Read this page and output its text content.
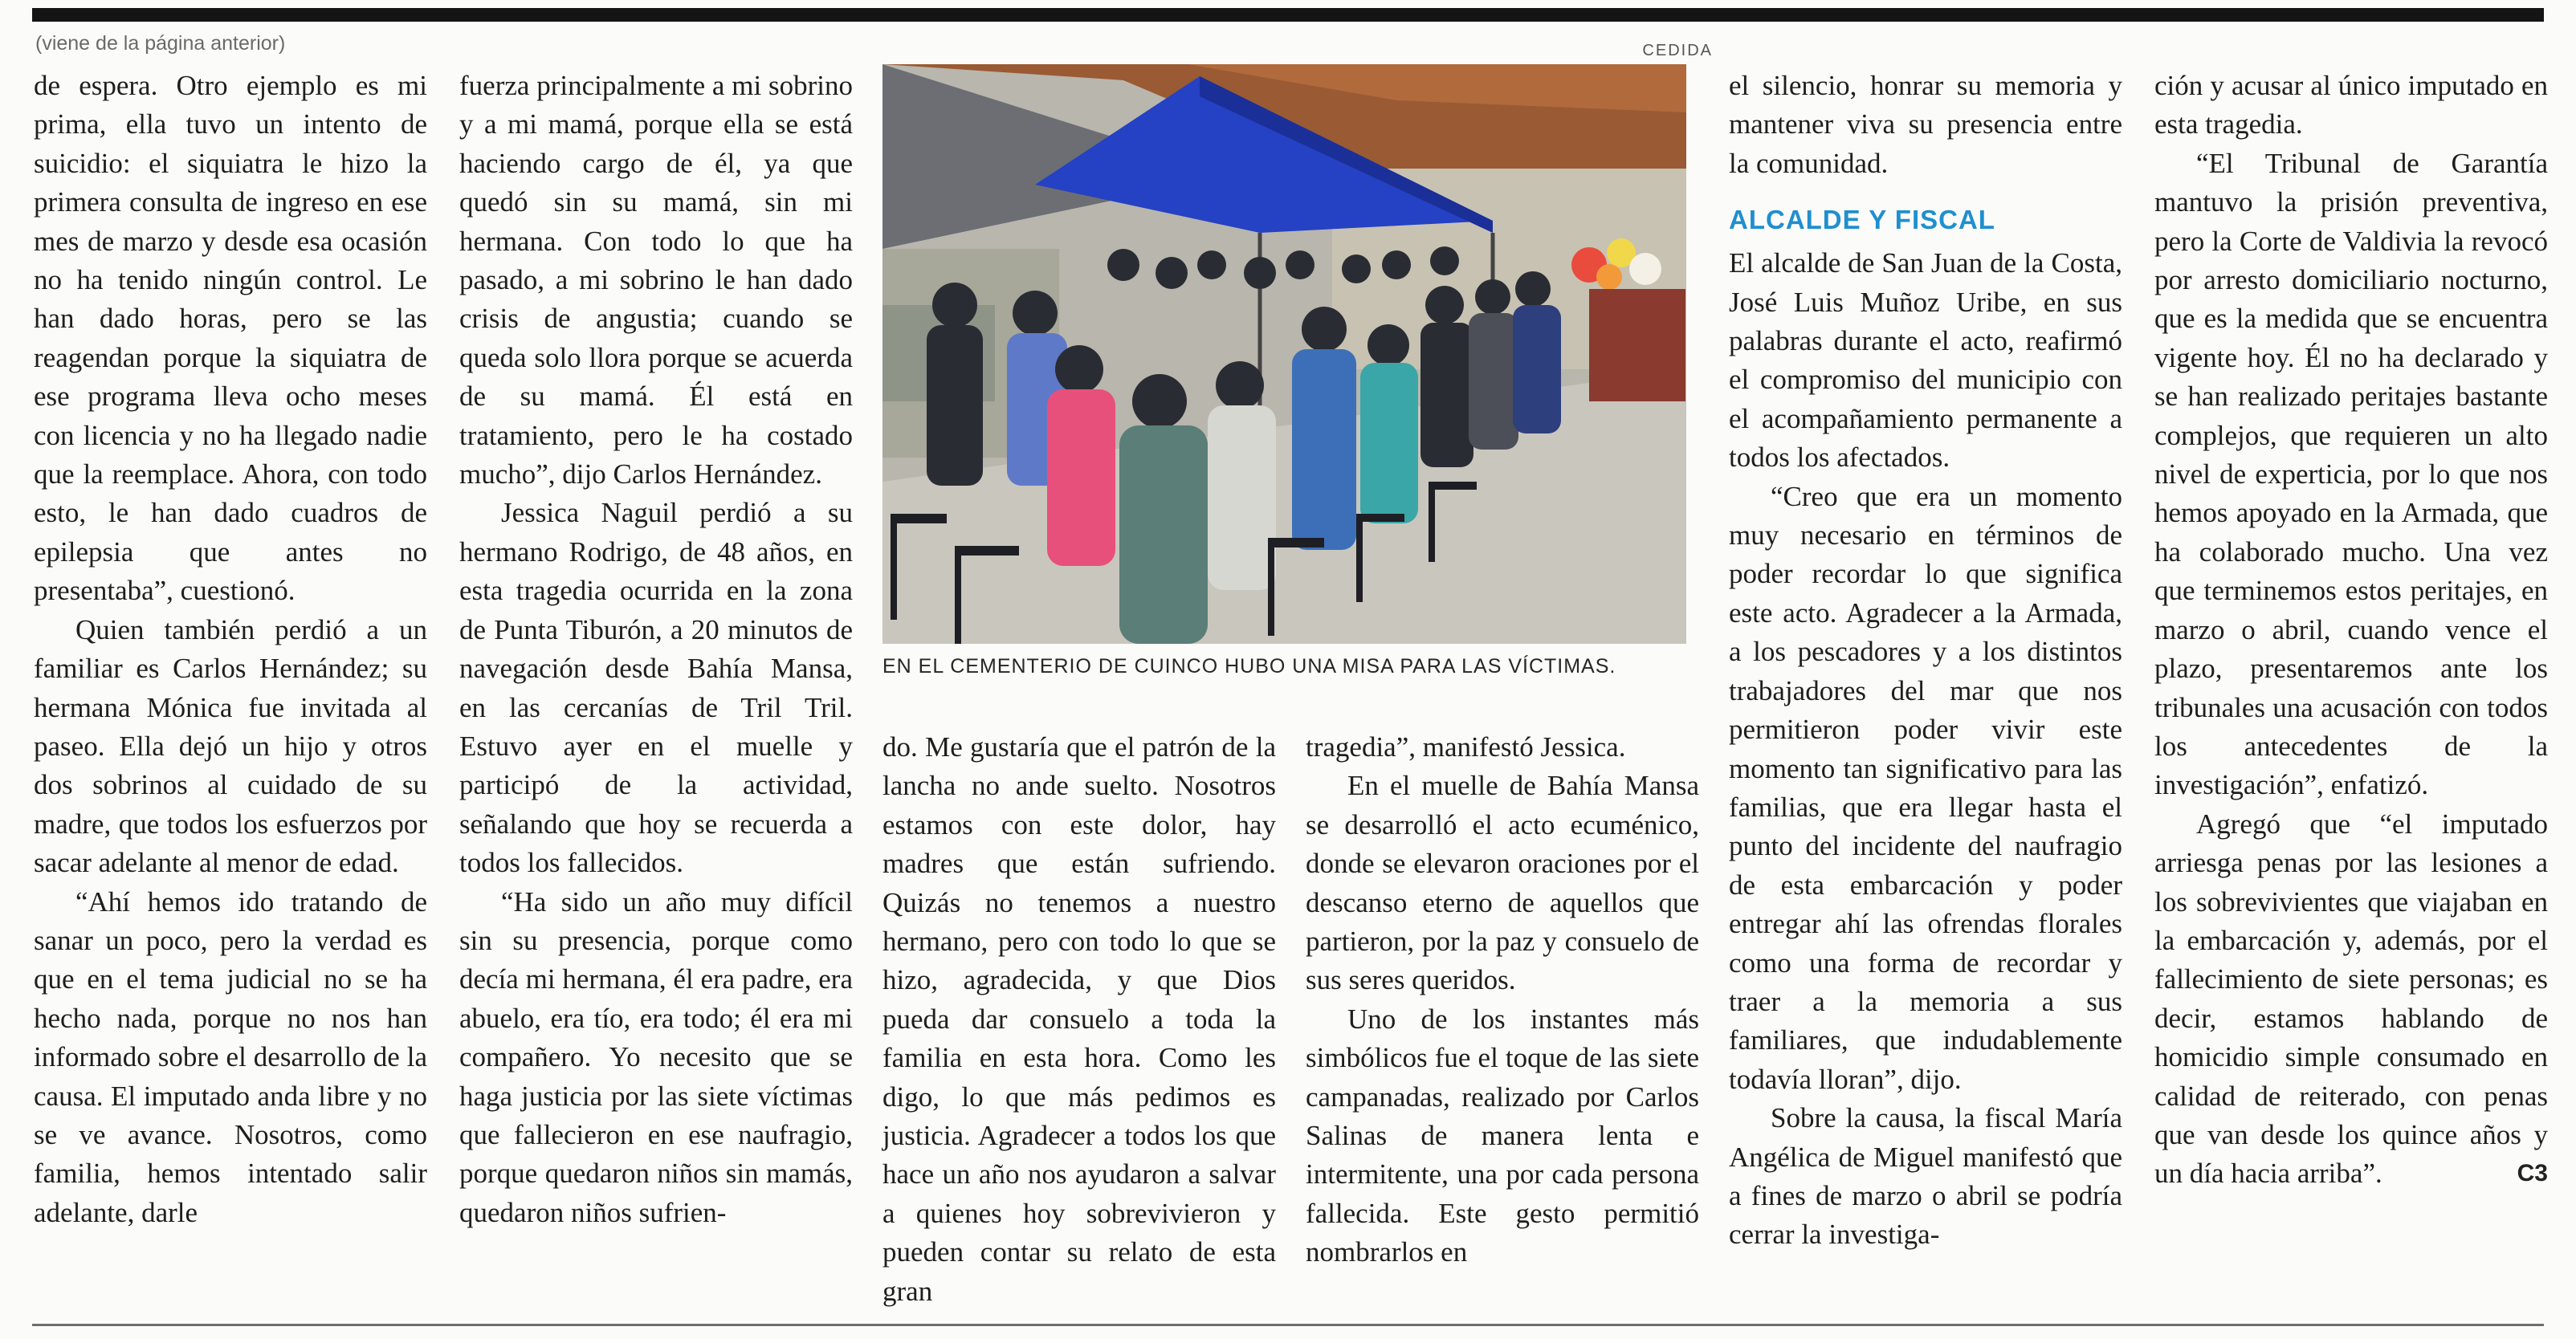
(viene de la página anterior)	CEDIDA

de espera. Otro ejemplo es mi prima, ella tuvo un intento de suicidio: el siquiatra le hizo la primera consulta de ingreso en ese mes de marzo y desde esa ocasión no ha tenido ningún control. Le han dado horas, pero se las reagendan porque la siquiatra de ese programa lleva ocho meses con licencia y no ha llegado nadie que la reemplace. Ahora, con todo esto, le han dado cuadros de epilepsia que antes no presentaba”, cuestionó.

Quien también perdió a un familiar es Carlos Hernández; su hermana Mónica fue invitada al paseo. Ella dejó un hijo y otros dos sobrinos al cuidado de su madre, que todos los esfuerzos por sacar adelante al menor de edad.

“Ahí hemos ido tratando de sanar un poco, pero la verdad es que en el tema judicial no se ha hecho nada, porque no nos han informado sobre el desarrollo de la causa. El imputado anda libre y no se ve avance. Nosotros, como familia, hemos intentado salir adelante, darle

fuerza principalmente a mi sobrino y a mi mamá, porque ella se está haciendo cargo de él, ya que quedó sin su mamá, sin mi hermana. Con todo lo que ha pasado, a mi sobrino le han dado crisis de angustia; cuando se queda solo llora porque se acuerda de su mamá. Él está en tratamiento, pero le ha costado mucho”, dijo Carlos Hernández.

Jessica Naguil perdió a su hermano Rodrigo, de 48 años, en esta tragedia ocurrida en la zona de Punta Tiburón, a 20 minutos de navegación desde Bahía Mansa, en las cercanías de Tril Tril. Estuvo ayer en el muelle y participó de la actividad, señalando que hoy se recuerda a todos los fallecidos.

“Ha sido un año muy difícil sin su presencia, porque como decía mi hermana, él era padre, era abuelo, era tío, era todo; él era mi compañero. Yo necesito que se haga justicia por las siete víctimas que fallecieron en ese naufragio, porque quedaron niños sin mamás, quedaron niños sufrien-

EN EL CEMENTERIO DE CUINCO HUBO UNA MISA PARA LAS VÍCTIMAS.

do. Me gustaría que el patrón de la lancha no ande suelto. Nosotros estamos con este dolor, hay madres que están sufriendo. Quizás no tenemos a nuestro hermano, pero con todo lo que se hizo, agradecida, y que Dios pueda dar consuelo a toda la familia en esta hora. Como les digo, lo que más pedimos es justicia. Agradecer a todos los que hace un año nos ayudaron a salvar a quienes hoy sobrevivieron y pueden contar su relato de esta gran

tragedia”, manifestó Jessica.

En el muelle de Bahía Mansa se desarrolló el acto ecuménico, donde se elevaron oraciones por el descanso eterno de aquellos que partieron, por la paz y consuelo de sus seres queridos.

Uno de los instantes más simbólicos fue el toque de las siete campanadas, realizado por Carlos Salinas de manera lenta e intermitente, una por cada persona fallecida. Este gesto permitió nombrarlos en

el silencio, honrar su memoria y mantener viva su presencia entre la comunidad.

ALCALDE Y FISCAL

El alcalde de San Juan de la Costa, José Luis Muñoz Uribe, en sus palabras durante el acto, reafirmó el compromiso del municipio con el acompañamiento permanente a todos los afectados.

“Creo que era un momento muy necesario en términos de poder recordar lo que significa este acto. Agradecer a la Armada, a los pescadores y a los distintos trabajadores del mar que nos permitieron poder vivir este momento tan significativo para las familias, que era llegar hasta el punto del incidente del naufragio de esta embarcación y poder entregar ahí las ofrendas florales como una forma de recordar y traer a la memoria a sus familiares, que indudablemente todavía lloran”, dijo.

Sobre la causa, la fiscal María Angélica de Miguel manifestó que a fines de marzo o abril se podría cerrar la investiga-

ción y acusar al único imputado en esta tragedia.

“El Tribunal de Garantía mantuvo la prisión preventiva, pero la Corte de Valdivia la revocó por arresto domiciliario nocturno, que es la medida que se encuentra vigente hoy. Él no ha declarado y se han realizado peritajes bastante complejos, que requieren un alto nivel de experticia, por lo que nos hemos apoyado en la Armada, que ha colaborado mucho. Una vez que terminemos estos peritajes, en marzo o abril, cuando vence el plazo, presentaremos ante los tribunales una acusación con todos los antecedentes de la investigación”, enfatizó.

Agregó que “el imputado arriesga penas por las lesiones a los sobrevivientes que viajaban en la embarcación y, además, por el fallecimiento de siete personas; es decir, estamos hablando de homicidio simple consumado en calidad de reiterado, con penas que van desde los quince años y un día hacia arriba”.	C3
